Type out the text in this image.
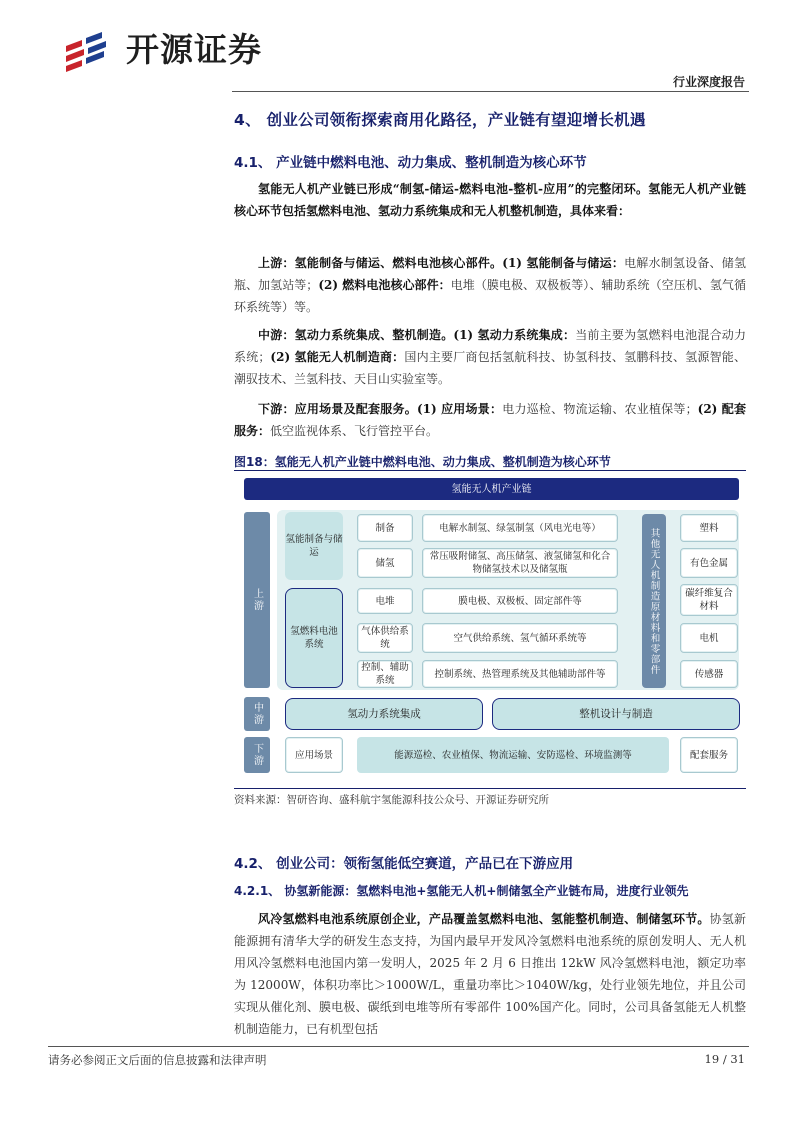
开源证券
行业深度报告
4、 创业公司领衔探索商用化路径，产业链有望迎增长机遇
4.1、 产业链中燃料电池、动力集成、整机制造为核心环节
氢能无人机产业链已形成“制氢-储运-燃料电池-整机-应用”的完整闭环。氢能无人机产业链核心环节包括氢燃料电池、氢动力系统集成和无人机整机制造，具体来看：
上游：氢能制备与储运、燃料电池核心部件。(1) 氢能制备与储运：电解水制氢设备、储氢瓶、加氢站等；(2) 燃料电池核心部件：电堆（膜电极、双极板等）、辅助系统（空压机、氢气循环系统等）等。
中游：氢动力系统集成、整机制造。(1) 氢动力系统集成：当前主要为氢燃料电池混合动力系统；(2) 氢能无人机制造商：国内主要厂商包括氢航科技、协氢科技、氢鹏科技、氢源智能、潮驭技术、兰氢科技、天目山实验室等。
下游：应用场景及配套服务。(1) 应用场景：电力巡检、物流运输、农业植保等；(2) 配套服务：低空监视体系、飞行管控平台。
图18：氢能无人机产业链中燃料电池、动力集成、整机制造为核心环节
氢能无人机产业链
上游
中游
下游
氢能制备与储运
氢燃料电池系统
制备
储氢
电堆
气体供给系统
控制、辅助系统
电解水制氢、绿氢制氢（风电光电等）
常压吸附储氢、高压储氢、液氢储氢和化合物储氢技术以及储氢瓶
膜电极、双极板、固定部件等
空气供给系统、氢气循环系统等
控制系统、热管理系统及其他辅助部件等	其他无人机制造原材料和零部件	塑料
有色金属
碳纤维复合材料
电机
传感器
氢动力系统集成	整机设计与制造
应用场景	能源巡检、农业植保、物流运输、安防巡检、环境监测等	配套服务
资料来源：智研咨询、盛科航宇氢能源科技公众号、开源证券研究所
4.2、 创业公司：领衔氢能低空赛道，产品已在下游应用
4.2.1、 协氢新能源：氢燃料电池+氢能无人机+制储氢全产业链布局，进度行业领先
风冷氢燃料电池系统原创企业，产品覆盖氢燃料电池、氢能整机制造、制储氢环节。协氢新能源拥有清华大学的研发生态支持，为国内最早开发风冷氢燃料电池系统的原创发明人、无人机用风冷氢燃料电池国内第一发明人，2025 年 2 月 6 日推出 12kW 风冷氢燃料电池，额定功率为 12000W，体积功率比＞1000W/L，重量功率比＞1040W/kg，处行业领先地位，并且公司实现从催化剂、膜电极、碳纸到电堆等所有零部件 100%国产化。同时，公司具备氢能无人机整机制造能力，已有机型包括
请务必参阅正文后面的信息披露和法律声明	19 / 31
